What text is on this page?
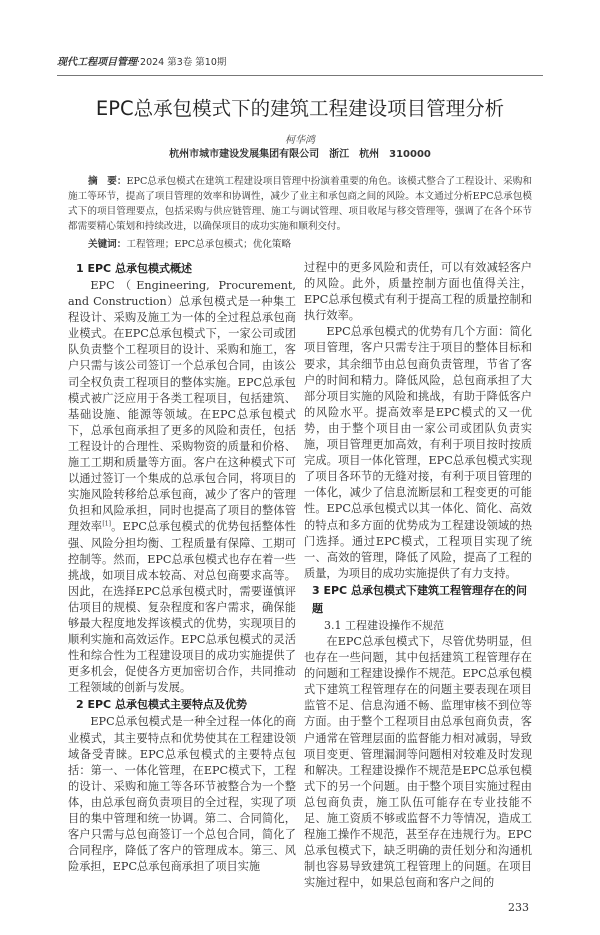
现代工程项目管理·2024 第3卷 第10期
EPC总承包模式下的建筑工程建设项目管理分析
柯华鸿
杭州市城市建设发展集团有限公司　浙江　杭州　310000
摘　要：EPC总承包模式在建筑工程建设项目管理中扮演着重要的角色。该模式整合了工程设计、采购和施工等环节，提高了项目管理的效率和协调性，减少了业主和承包商之间的风险。本文通过分析EPC总承包模式下的项目管理要点，包括采购与供应链管理、施工与调试管理、项目收尾与移交管理等，强调了在各个环节都需要精心策划和持续改进，以确保项目的成功实施和顺利交付。
关键词：工程管理；EPC总承包模式；优化策略
1 EPC 总承包模式概述

EPC（Engineering, Procurement, and Construction）总承包模式是一种集工程设计、采购及施工为一体的全过程总承包商业模式。在EPC总承包模式下，一家公司或团队负责整个工程项目的设计、采购和施工，客户只需与该公司签订一个总承包合同，由该公司全权负责工程项目的整体实施。EPC总承包模式被广泛应用于各类工程项目，包括建筑、基础设施、能源等领域。在EPC总承包模式下，总承包商承担了更多的风险和责任，包括工程设计的合理性、采购物资的质量和价格、施工工期和质量等方面。客户在这种模式下可以通过签订一个集成的总承包合同，将项目的实施风险转移给总承包商，减少了客户的管理负担和风险承担，同时也提高了项目的整体管理效率[1]。EPC总承包模式的优势包括整体性强、风险分担均衡、工程质量有保障、工期可控制等。然而，EPC总承包模式也存在着一些挑战，如项目成本较高、对总包商要求高等。因此，在选择EPC总承包模式时，需要谨慎评估项目的规模、复杂程度和客户需求，确保能够最大程度地发挥该模式的优势，实现项目的顺利实施和高效运作。EPC总承包模式的灵活性和综合性为工程建设项目的成功实施提供了更多机会，促使各方更加密切合作，共同推动工程领域的创新与发展。

2 EPC 总承包模式主要特点及优势

EPC总承包模式是一种全过程一体化的商业模式，其主要特点和优势使其在工程建设领域备受青睐。EPC总承包模式的主要特点包括：第一、一体化管理，在EPC模式下，工程的设计、采购和施工等各环节被整合为一个整体，由总承包商负责项目的全过程，实现了项目的集中管理和统一协调。第二、合同简化，客户只需与总包商签订一个总包合同，简化了合同程序，降低了客户的管理成本。第三、风险承担，EPC总承包商承担了项目实施

过程中的更多风险和责任，可以有效减轻客户的风险。此外，质量控制方面也值得关注，EPC总承包模式有利于提高工程的质量控制和执行效率。

EPC总承包模式的优势有几个方面：简化项目管理，客户只需专注于项目的整体目标和要求，其余细节由总包商负责管理，节省了客户的时间和精力。降低风险，总包商承担了大部分项目实施的风险和挑战，有助于降低客户的风险水平。提高效率是EPC模式的又一优势，由于整个项目由一家公司或团队负责实施，项目管理更加高效，有利于项目按时按质完成。项目一体化管理，EPC总承包模式实现了项目各环节的无缝对接，有利于项目管理的一体化，减少了信息流断层和工程变更的可能性。EPC总承包模式以其一体化、简化、高效的特点和多方面的优势成为工程建设领域的热门选择。通过EPC模式，工程项目实现了统一、高效的管理，降低了风险，提高了工程的质量，为项目的成功实施提供了有力支持。

3 EPC 总承包模式下建筑工程管理存在的问题
3.1 工程建设操作不规范

在EPC总承包模式下，尽管优势明显，但也存在一些问题，其中包括建筑工程管理存在的问题和工程建设操作不规范。EPC总承包模式下建筑工程管理存在的问题主要表现在项目监管不足、信息沟通不畅、监理审核不到位等方面。由于整个工程项目由总承包商负责，客户通常在管理层面的监督能力相对减弱，导致项目变更、管理漏洞等问题相对较难及时发现和解决。工程建设操作不规范是EPC总承包模式下的另一个问题。由于整个项目实施过程由总包商负责，施工队伍可能存在专业技能不足、施工资质不够或监督不力等情况，造成工程施工操作不规范，甚至存在违规行为。EPC总承包模式下，缺乏明确的责任划分和沟通机制也容易导致建筑工程管理上的问题。在项目实施过程中，如果总包商和客户之间的

233
